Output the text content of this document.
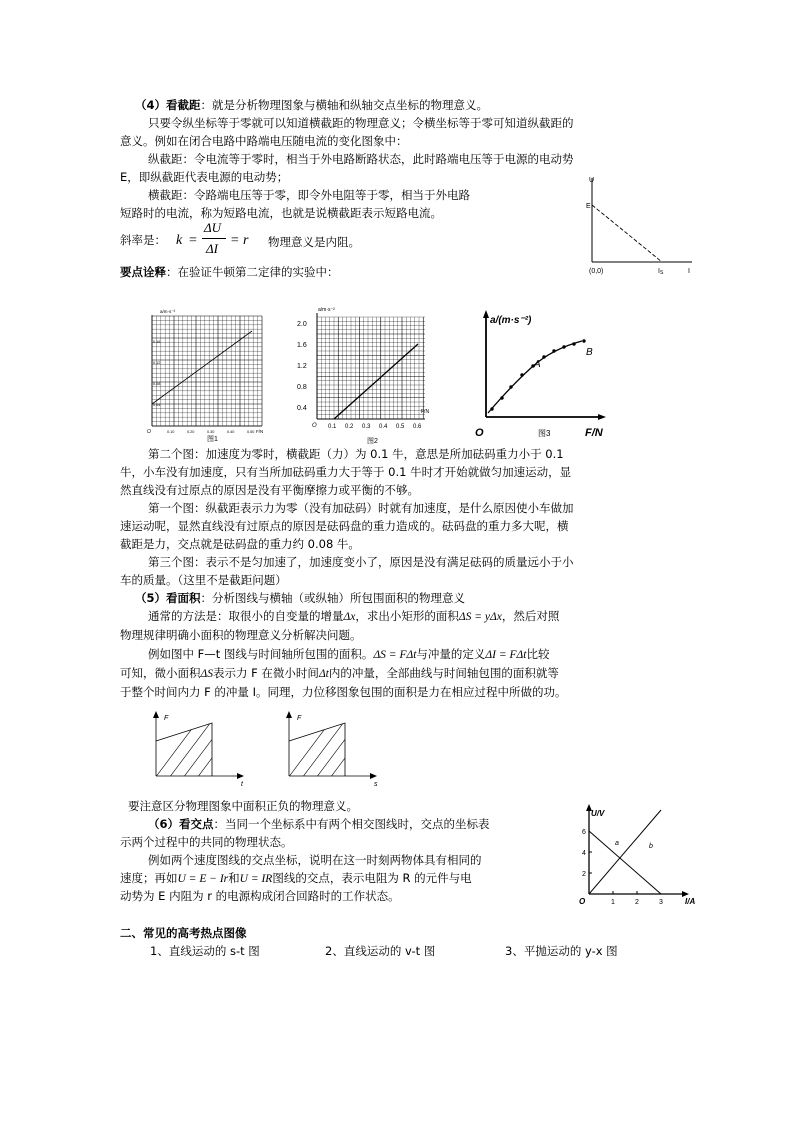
（4）看截距：就是分析物理图象与横轴和纵轴交点坐标的物理意义。
只要令纵坐标等于零就可以知道横截距的物理意义；令横坐标等于零可知道纵截距的
意义。例如在闭合电路中路端电压随电流的变化图象中：
纵截距：令电流等于零时，相当于外电路断路状态，此时路端电压等于电源的电动势
E，即纵截距代表电源的电动势；
横截距：令路端电压等于零，即令外电阻等于零，相当于外电路
短路时的电流，称为短路电流，也就是说横截距表示短路电流。
斜率是： k =
ΔU
ΔI
= r 物理意义是内阻。
要点诠释：在验证牛顿第二定律的实验中：
U
I
E
(0,0)	IS
a/m·s⁻²
F/N
O
0.16
0.12
0.08
0.04
0.10	0.20	0.30	0.40	0.50
图1
a/m·s⁻²
F/N
O
2.0
1.6
1.2
0.8
0.4
0.1 0.2 0.3 0.4 0.5 0.6
图2
a/(m·s⁻²)
F/N
O
A
B
图3
第二个图：加速度为零时，横截距（力）为 0.1 牛，意思是所加砝码重力小于 0.1
牛，小车没有加速度，只有当所加砝码重力大于等于 0.1 牛时才开始就做匀加速运动，显
然直线没有过原点的原因是没有平衡摩擦力或平衡的不够。
第一个图：纵截距表示力为零（没有加砝码）时就有加速度，是什么原因使小车做加
速运动呢，显然直线没有过原点的原因是砝码盘的重力造成的。砝码盘的重力多大呢，横
截距是力，交点就是砝码盘的重力约 0.08 牛。
第三个图：表示不是匀加速了，加速度变小了，原因是没有满足砝码的质量远小于小
车的质量。（这里不是截距问题）
（5）看面积：分析图线与横轴（或纵轴）所包围面积的物理意义
通常的方法是：取很小的自变量的增量Δx，求出小矩形的面积ΔS = yΔx，然后对照
物理规律明确小面积的物理意义分析解决问题。
例如图中 F—t 图线与时间轴所包围的面积。ΔS = FΔt与冲量的定义ΔI = FΔt比较
可知，微小面积ΔS表示力 F 在微小时间Δt内的冲量，全部曲线与时间轴包围的面积就等
于整个时间内力 F 的冲量 I。同理，力位移图象包围的面积是力在相应过程中所做的功。
F
t
F
s
要注意区分物理图象中面积正负的物理意义。
（6）看交点：当同一个坐标系中有两个相交图线时，交点的坐标表
示两个过程中的共同的物理状态。
例如两个速度图线的交点坐标，说明在这一时刻两物体具有相同的
速度；再如U = E − Ir和U = IR图线的交点，表示电阻为 R 的元件与电
动势为 E 内阻为 r 的电源构成闭合回路时的工作状态。
U/V
I/A
O
6
4
2
1	2	3
a	b
二、常见的高考热点图像
1、直线运动的 s-t 图	2、直线运动的 v-t 图	3、平抛运动的 y-x 图
